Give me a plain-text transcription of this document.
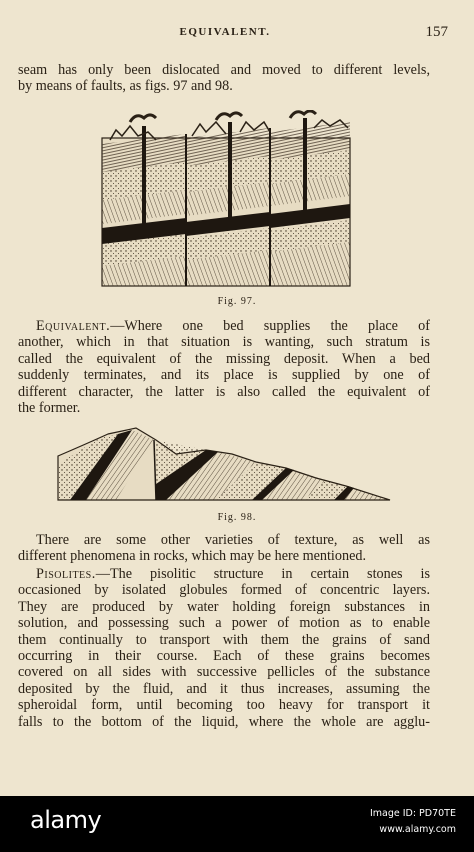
EQUIVALENT.	157
seam has only been dislocated and moved to different levels,
by means of faults, as figs. 97 and 98.
Fig. 97.
Equivalent.—Where one bed supplies the place of
another, which in that situation is wanting, such stratum is
called the equivalent of the missing deposit. When a bed
suddenly terminates, and its place is supplied by one of
different character, the latter is also called the equivalent of
the former.
Fig. 98.
There are some other varieties of texture, as well as
different phenomena in rocks, which may be here mentioned.
Pisolites.—The pisolitic structure in certain stones is
occasioned by isolated globules formed of concentric layers.
They are produced by water holding foreign substances in
solution, and possessing such a power of motion as to enable
them continually to transport with them the grains of sand
occurring in their course. Each of these grains becomes
covered on all sides with successive pellicles of the substance
deposited by the fluid, and it thus increases, assuming the
spheroidal form, until becoming too heavy for transport it
falls to the bottom of the liquid, where the whole are agglu-
alamy	Image ID: PD70TE
www.alamy.com
